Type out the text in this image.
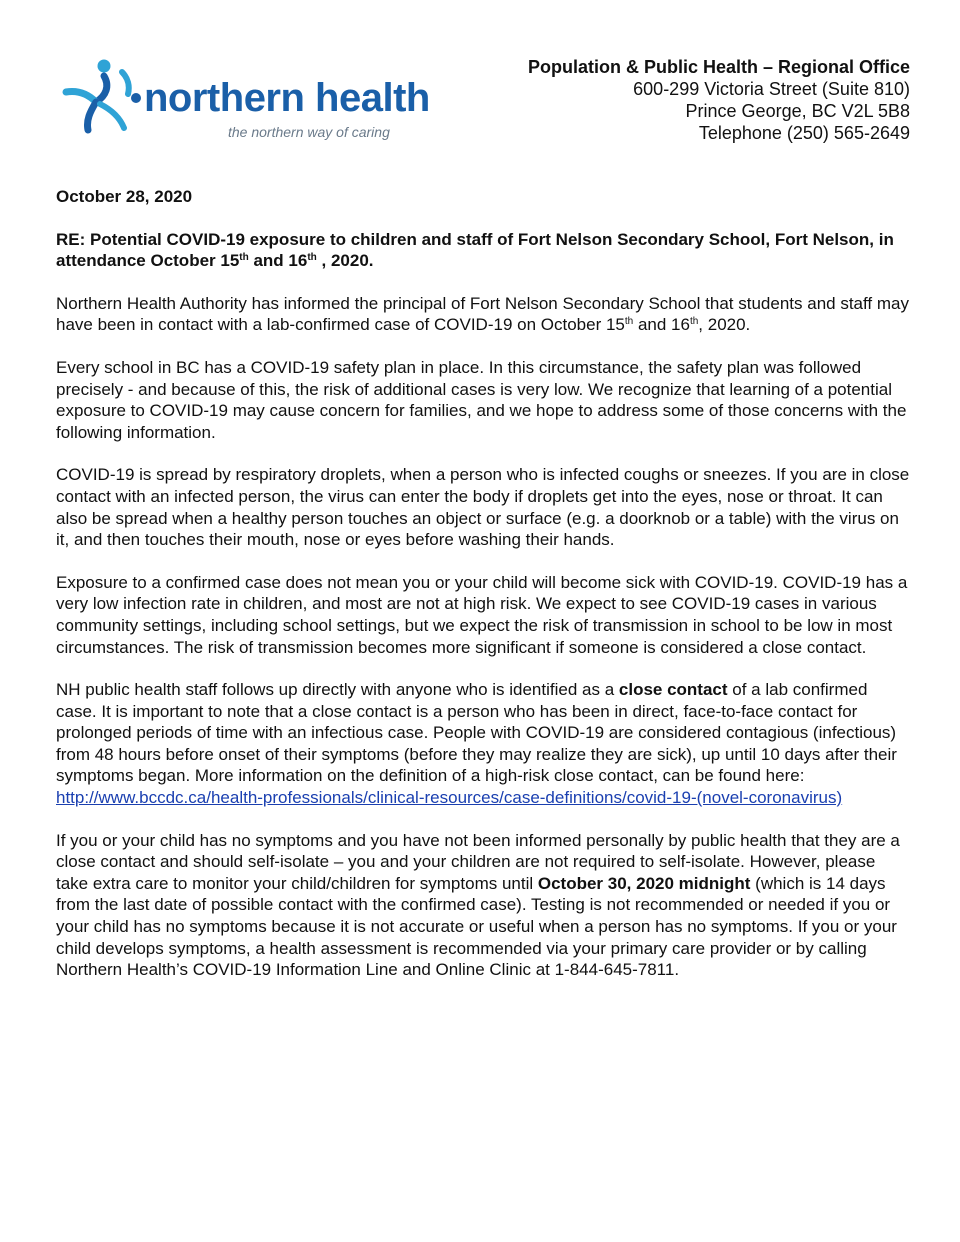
northern health
the northern way of caring
Population & Public Health – Regional Office
600-299 Victoria Street (Suite 810)
Prince George, BC V2L 5B8
Telephone (250) 565-2649

October 28, 2020

RE: Potential COVID-19 exposure to children and staff of Fort Nelson Secondary School, Fort Nelson, in attendance October 15th and 16th , 2020.

Northern Health Authority has informed the principal of Fort Nelson Secondary School that students and staff may have been in contact with a lab-confirmed case of COVID-19 on October 15th and 16th, 2020.

Every school in BC has a COVID-19 safety plan in place. In this circumstance, the safety plan was followed precisely - and because of this, the risk of additional cases is very low. We recognize that learning of a potential exposure to COVID-19 may cause concern for families, and we hope to address some of those concerns with the following information.

COVID-19 is spread by respiratory droplets, when a person who is infected coughs or sneezes. If you are in close contact with an infected person, the virus can enter the body if droplets get into the eyes, nose or throat. It can also be spread when a healthy person touches an object or surface (e.g. a doorknob or a table) with the virus on it, and then touches their mouth, nose or eyes before washing their hands.

Exposure to a confirmed case does not mean you or your child will become sick with COVID-19. COVID-19 has a very low infection rate in children, and most are not at high risk. We expect to see COVID-19 cases in various community settings, including school settings, but we expect the risk of transmission in school to be low in most circumstances. The risk of transmission becomes more significant if someone is considered a close contact.

NH public health staff follows up directly with anyone who is identified as a close contact of a lab confirmed case. It is important to note that a close contact is a person who has been in direct, face-to-face contact for prolonged periods of time with an infectious case. People with COVID-19 are considered contagious (infectious) from 48 hours before onset of their symptoms (before they may realize they are sick), up until 10 days after their symptoms began. More information on the definition of a high-risk close contact, can be found here: http://www.bccdc.ca/health-professionals/clinical-resources/case-definitions/covid-19-(novel-coronavirus)

If you or your child has no symptoms and you have not been informed personally by public health that they are a close contact and should self-isolate – you and your children are not required to self-isolate. However, please take extra care to monitor your child/children for symptoms until October 30, 2020 midnight (which is 14 days from the last date of possible contact with the confirmed case). Testing is not recommended or needed if you or your child has no symptoms because it is not accurate or useful when a person has no symptoms. If you or your child develops symptoms, a health assessment is recommended via your primary care provider or by calling Northern Health’s COVID-19 Information Line and Online Clinic at 1-844-645-7811.
